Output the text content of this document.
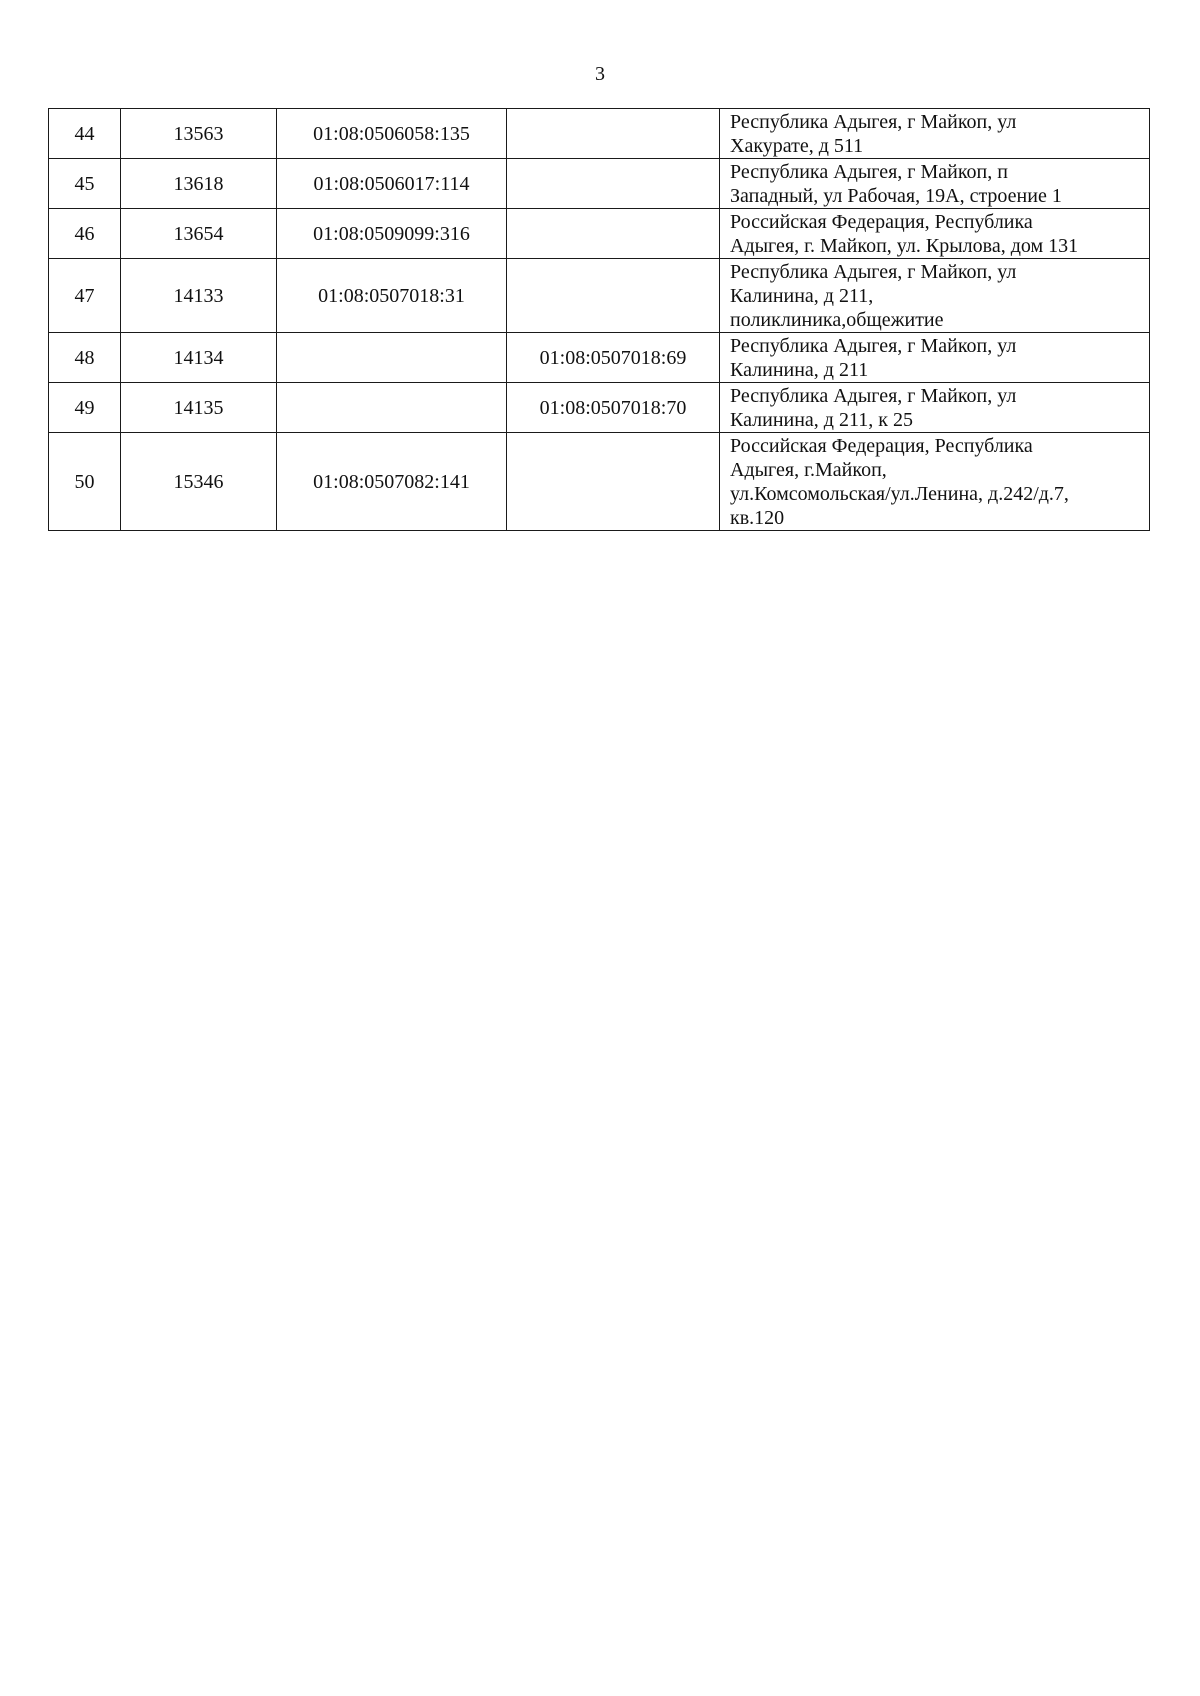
3
44	13563	01:08:0506058:135		Республика Адыгея, г Майкоп, ул
Хакурате, д 511

45	13618	01:08:0506017:114		Республика Адыгея, г Майкоп, п
Западный, ул Рабочая, 19А, строение 1

46	13654	01:08:0509099:316		Российская Федерация, Республика
Адыгея, г. Майкоп, ул. Крылова, дом 131

47	14133	01:08:0507018:31		Республика Адыгея, г Майкоп, ул
Калинина, д 211,
поликлиника,общежитие

48	14134		01:08:0507018:69	Республика Адыгея, г Майкоп, ул
Калинина, д 211

49	14135		01:08:0507018:70	Республика Адыгея, г Майкоп, ул
Калинина, д 211, к 25

50	15346	01:08:0507082:141		Российская Федерация, Республика
Адыгея, г.Майкоп,
ул.Комсомольская/ул.Ленина, д.242/д.7,
кв.120
